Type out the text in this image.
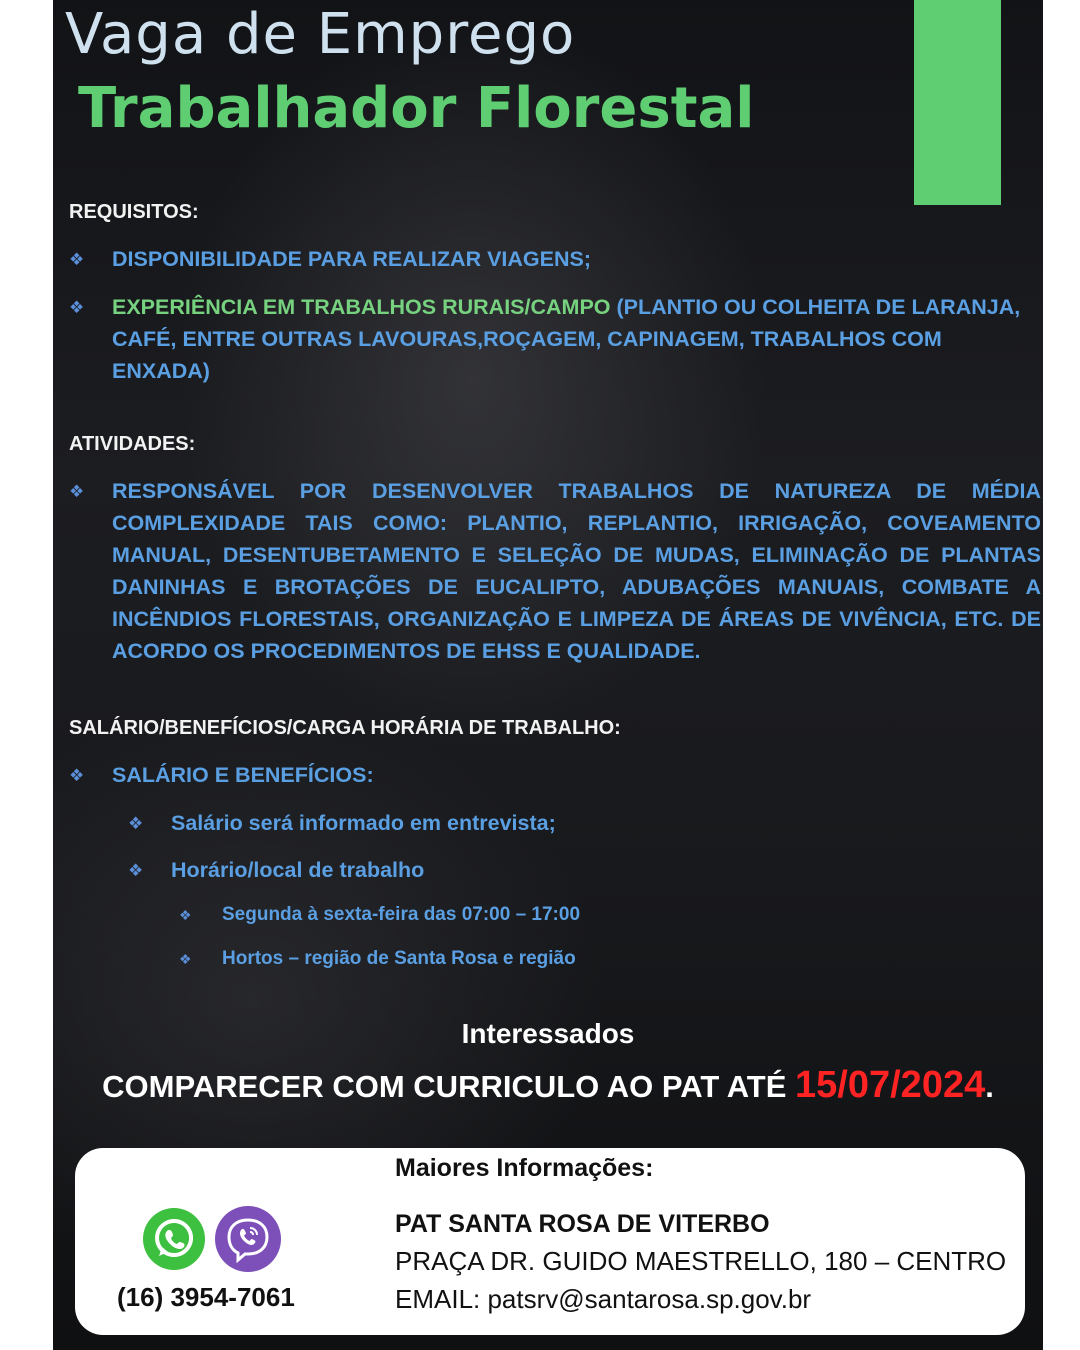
Vaga de Emprego
Trabalhador Florestal
REQUISITOS:
❖ DISPONIBILIDADE PARA REALIZAR VIAGENS;
❖ EXPERIÊNCIA EM TRABALHOS RURAIS/CAMPO (PLANTIO OU COLHEITA DE LARANJA, CAFÉ, ENTRE OUTRAS LAVOURAS,ROÇAGEM, CAPINAGEM, TRABALHOS COM ENXADA)
ATIVIDADES:
❖ RESPONSÁVEL POR DESENVOLVER TRABALHOS DE NATUREZA DE MÉDIA COMPLEXIDADE TAIS COMO: PLANTIO, REPLANTIO, IRRIGAÇÃO, COVEAMENTO MANUAL, DESENTUBETAMENTO E SELEÇÃO DE MUDAS, ELIMINAÇÃO DE PLANTAS DANINHAS E BROTAÇÕES DE EUCALIPTO, ADUBAÇÕES MANUAIS, COMBATE A INCÊNDIOS FLORESTAIS, ORGANIZAÇÃO E LIMPEZA DE ÁREAS DE VIVÊNCIA, ETC. DE ACORDO OS PROCEDIMENTOS DE EHSS E QUALIDADE.
SALÁRIO/BENEFÍCIOS/CARGA HORÁRIA DE TRABALHO:
❖ SALÁRIO E BENEFÍCIOS:
❖ Salário será informado em entrevista;
❖ Horário/local de trabalho
❖ Segunda à sexta-feira das 07:00 – 17:00
❖ Hortos – região de Santa Rosa e região
Interessados
COMPARECER COM CURRICULO AO PAT ATÉ 15/07/2024.
(16) 3954-7061
Maiores Informações:
PAT SANTA ROSA DE VITERBO
PRAÇA DR. GUIDO MAESTRELLO, 180 – CENTRO
EMAIL: patsrv@santarosa.sp.gov.br
